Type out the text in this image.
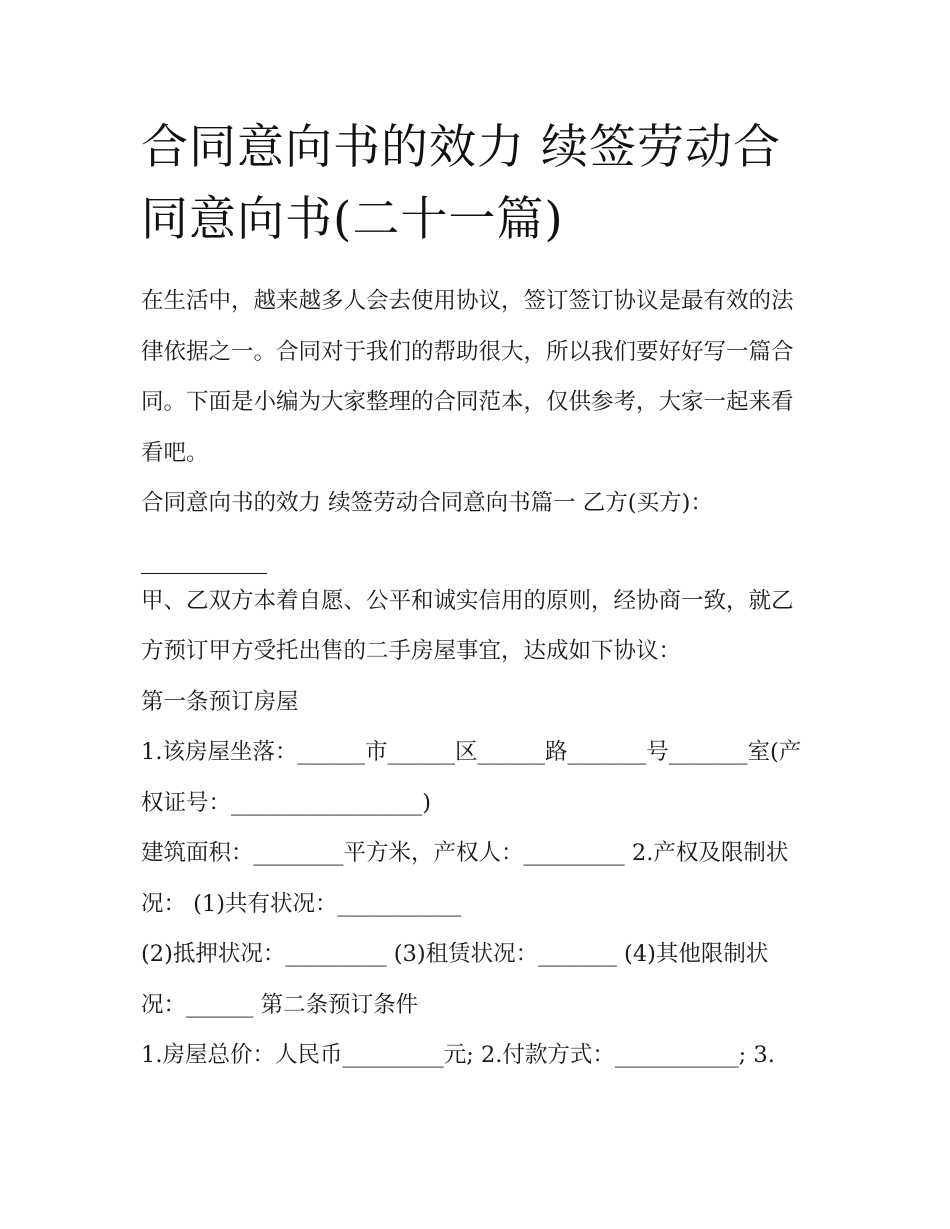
合同意向书的效力 续签劳动合同意向书(二十一篇)

在生活中，越来越多人会去使用协议，签订签订协议是最有效的法律依据之一。合同对于我们的帮助很大，所以我们要好好写一篇合同。下面是小编为大家整理的合同范本，仅供参考，大家一起来看看吧。

合同意向书的效力 续签劳动合同意向书篇一 乙方(买方)：

甲、乙双方本着自愿、公平和诚实信用的原则，经协商一致，就乙方预订甲方受托出售的二手房屋事宜，达成如下协议：

第一条预订房屋

1.该房屋坐落：______市______区______路_______号_______室(产权证号：_________________)

建筑面积：________平方米，产权人：_________ 2.产权及限制状况： (1)共有状况：___________

(2)抵押状况：_________ (3)租赁状况：_______ (4)其他限制状况：______ 第二条预订条件

1.房屋总价：人民币_________元; 2.付款方式：___________; 3.
